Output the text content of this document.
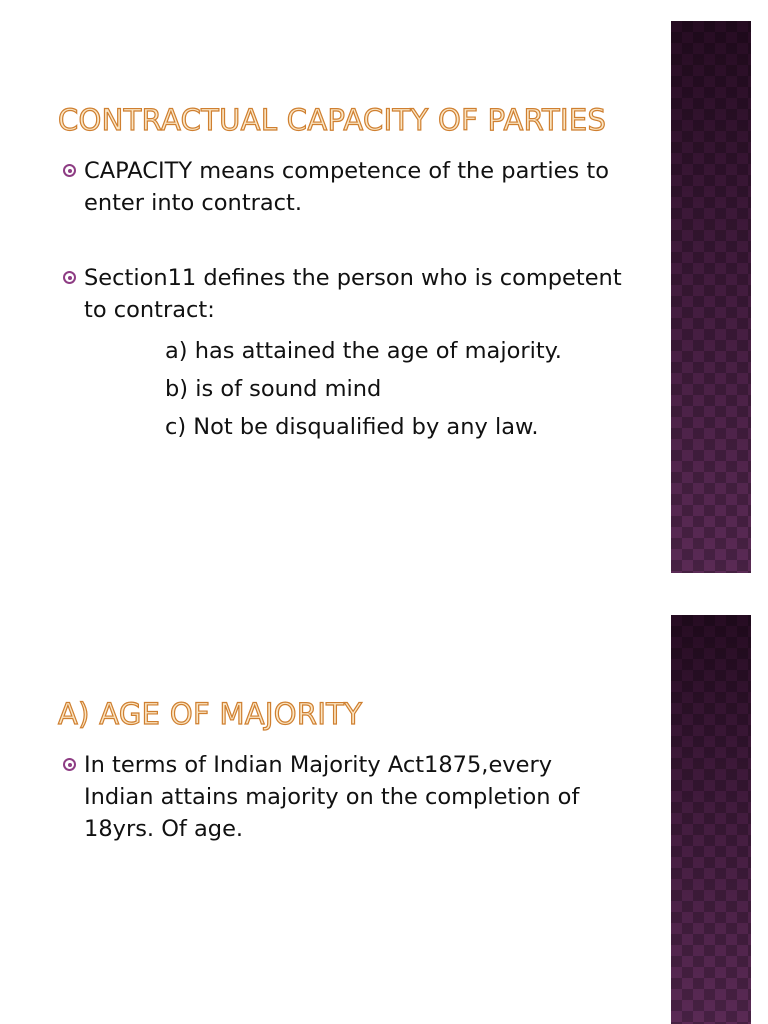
CONTRACTUAL CAPACITY OF PARTIES
CAPACITY means competence of the parties to enter into contract.
Section11 defines the person who is competent to contract:
a) has attained the age of majority.
b) is of sound mind
c) Not be disqualified by any law.
A) AGE OF MAJORITY
In terms of Indian Majority Act1875,every Indian attains majority on the completion of 18yrs. Of age.
